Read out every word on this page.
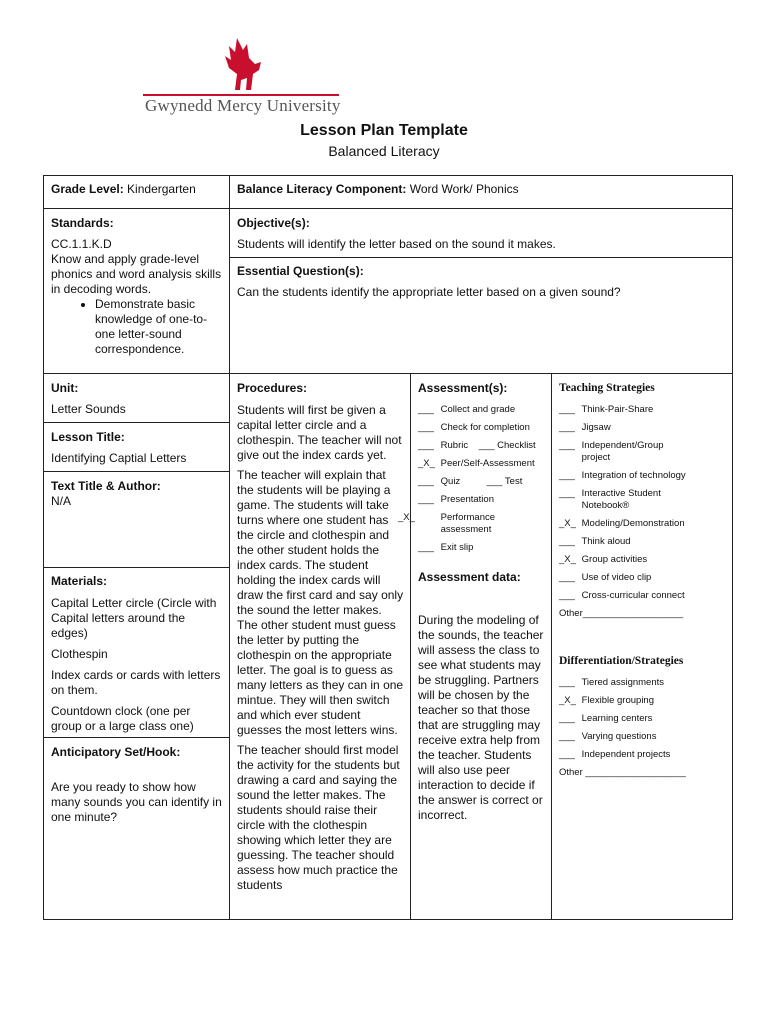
Gwynedd Mercy University
Lesson Plan Template
Balanced Literacy
Grade Level: Kindergarten	Balance Literacy Component: Word Work/ Phonics

Standards:

CC.1.1.K.D

Know and apply grade-level phonics and word analysis skills in decoding words.

• Demonstrate basic knowledge of one-to-one letter-sound correspondence.

Objective(s):

Students will identify the letter based on the sound it makes.

Essential Question(s):

Can the students identify the appropriate letter based on a given sound?

Unit:

Letter Sounds

Lesson Title:

Identifying Captial Letters

Text Title & Author:

N/A

Materials:

Capital Letter circle (Circle with Capital letters around the edges)

Clothespin

Index cards or cards with letters on them.

Countdown clock (one per group or a large class one)

Anticipatory Set/Hook:

Are you ready to show how many sounds you can identify in one minute?

Procedures:

Students will first be given a capital letter circle and a clothespin. The teacher will not give out the index cards yet.

The teacher will explain that the students will be playing a game. The students will take turns where one student has the circle and clothespin and the other student holds the index cards. The student holding the index cards will draw the first card and say only the sound the letter makes. The other student must guess the letter by putting the clothespin on the appropriate letter. The goal is to guess as many letters as they can in one mintue. They will then switch and which ever student guesses the most letters wins.

The teacher should first model the activity for the students but drawing a card and saying the sound the letter makes. The students should raise their circle with the clothespin showing which letter they are guessing. The teacher should assess how much practice the students

Assessment(s):

___ Collect and grade
___ Check for completion
___ Rubric ___ Checklist
_X_ Peer/Self-Assessment
___ Quiz	___ Test
___ Presentation
_X_	Performance assessment
___ Exit slip

Assessment data:

During the modeling of the sounds, the teacher will assess the class to see what students may be struggling. Partners will be chosen by the teacher so that those that are struggling may receive extra help from the teacher. Students will also use peer interaction to decide if the answer is correct or incorrect.

Teaching Strategies

___ Think-Pair-Share
___ Jigsaw
___ Independent/Group project
___ Integration of technology
___ Interactive Student Notebook®
_X_ Modeling/Demonstration
___ Think aloud
_X_ Group activities
___ Use of video clip
___ Cross-curricular connect
Other___________________

Differentiation/Strategies

___ Tiered assignments
_X_ Flexible grouping
___ Learning centers
___ Varying questions
___ Independent projects
Other ___________________
